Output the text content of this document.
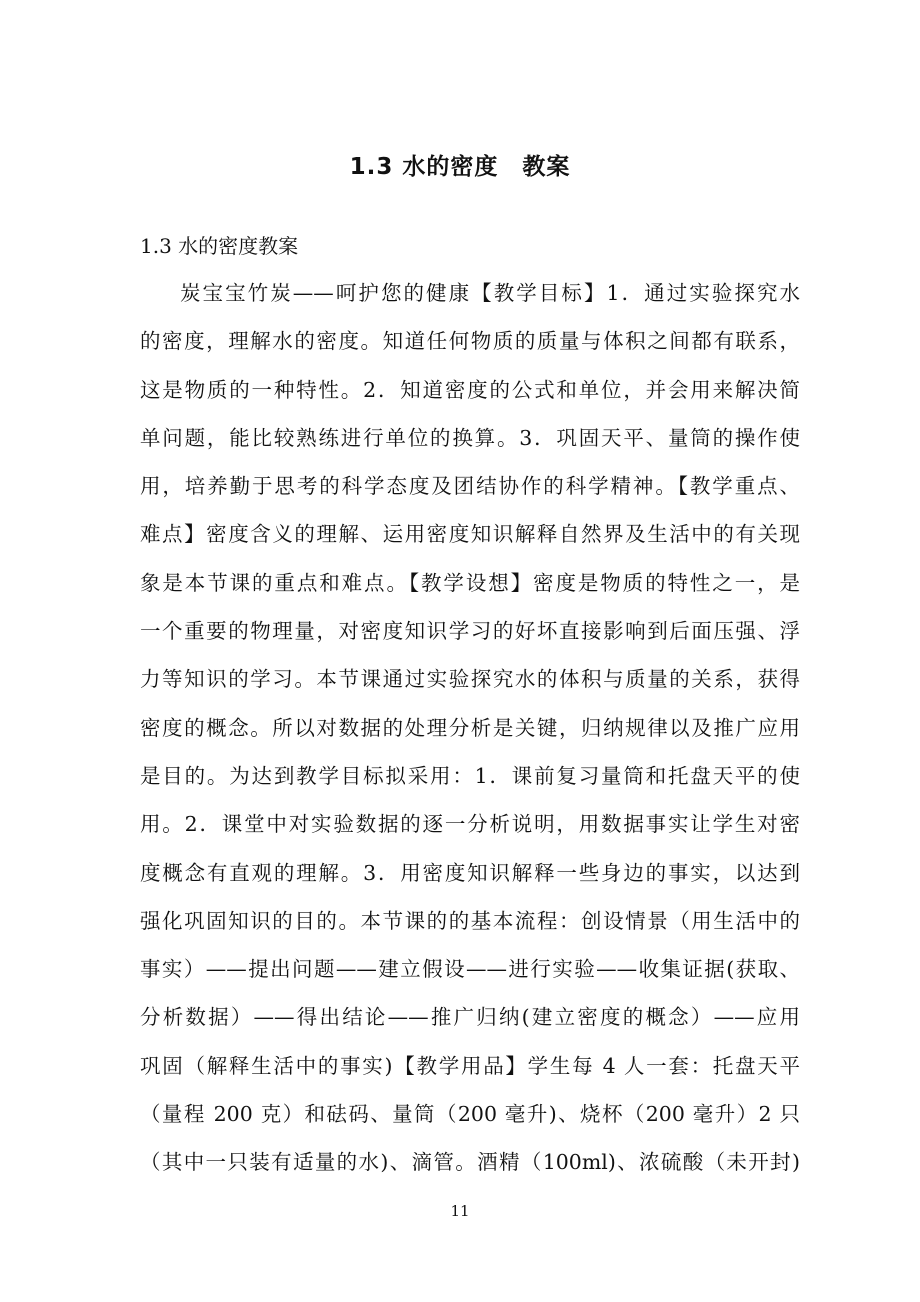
1.3 水的密度　教案
1.3 水的密度教案
炭宝宝竹炭——呵护您的健康【教学目标】1．通过实验探究水
的密度，理解水的密度。知道任何物质的质量与体积之间都有联系，
这是物质的一种特性。2．知道密度的公式和单位，并会用来解决简
单问题，能比较熟练进行单位的换算。3．巩固天平、量筒的操作使
用，培养勤于思考的科学态度及团结协作的科学精神。【教学重点、
难点】密度含义的理解、运用密度知识解释自然界及生活中的有关现
象是本节课的重点和难点。【教学设想】密度是物质的特性之一，是
一个重要的物理量，对密度知识学习的好坏直接影响到后面压强、浮
力等知识的学习。本节课通过实验探究水的体积与质量的关系，获得
密度的概念。所以对数据的处理分析是关键，归纳规律以及推广应用
是目的。为达到教学目标拟采用：1．课前复习量筒和托盘天平的使
用。2．课堂中对实验数据的逐一分析说明，用数据事实让学生对密
度概念有直观的理解。3．用密度知识解释一些身边的事实，以达到
强化巩固知识的目的。本节课的的基本流程：创设情景（用生活中的
事实）——提出问题——建立假设——进行实验——收集证据(获取、
分析数据）——得出结论——推广归纳(建立密度的概念）——应用
巩固（解释生活中的事实)【教学用品】学生每 4 人一套：托盘天平
（量程 200 克）和砝码、量筒（200 毫升)、烧杯（200 毫升）2 只
（其中一只装有适量的水)、滴管。酒精（100ml)、浓硫酸（未开封)
11
